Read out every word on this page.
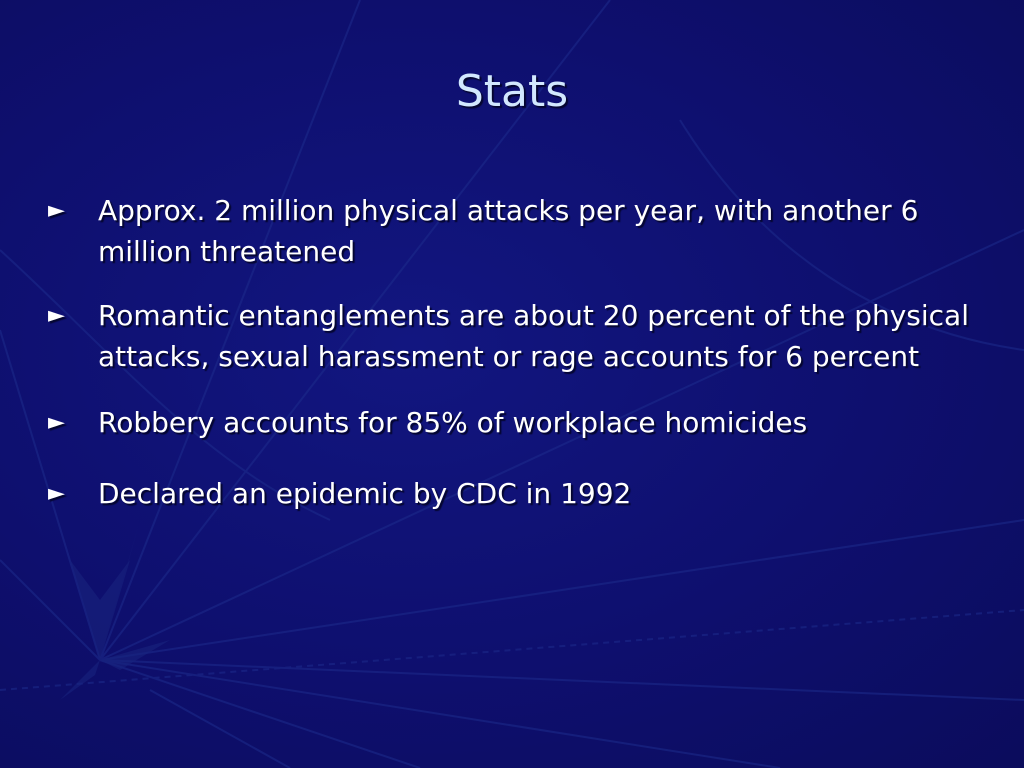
Stats
► Approx. 2 million physical attacks per year, with another 6 million threatened
► Romantic entanglements are about 20 percent of the physical attacks, sexual harassment or rage accounts for 6 percent
► Robbery accounts for 85% of workplace homicides
► Declared an epidemic by CDC in 1992
